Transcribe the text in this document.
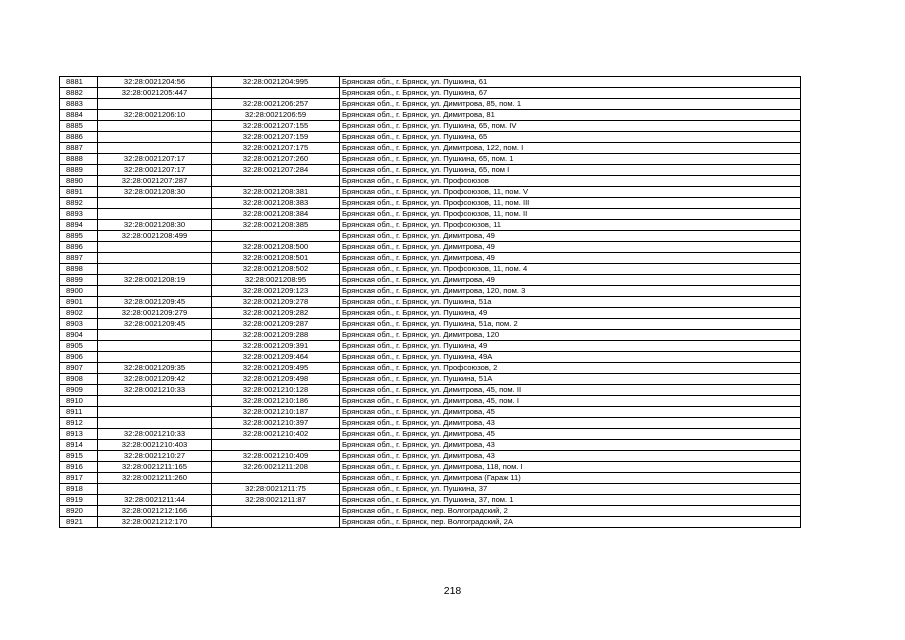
8881	32:28:0021204:56	32:28:0021204:995	Брянская обл., г. Брянск, ул. Пушкина, 61
8882	32:28:0021205:447		Брянская обл., г. Брянск, ул. Пушкина, 67
8883		32:28:0021206:257	Брянская обл., г. Брянск, ул. Димитрова, 85, пом. 1
8884	32:28:0021206:10	32:28:0021206:59	Брянская обл., г. Брянск, ул. Димитрова, 81
8885		32:28:0021207:155	Брянская обл., г. Брянск, ул. Пушкина, 65, пом. IV
8886		32:28:0021207:159	Брянская обл., г. Брянск, ул. Пушкина, 65
8887		32:28:0021207:175	Брянская обл., г. Брянск, ул. Димитрова, 122, пом. I
8888	32:28:0021207:17	32:28:0021207:260	Брянская обл., г. Брянск, ул. Пушкина, 65, пом. 1
8889	32:28:0021207:17	32:28:0021207:284	Брянская обл., г. Брянск, ул. Пушкина, 65, пом I
8890	32:28:0021207:287		Брянская обл., г. Брянск, ул. Профсоюзов
8891	32:28:0021208:30	32:28:0021208:381	Брянская обл., г. Брянск, ул. Профсоюзов, 11, пом. V
8892		32:28:0021208:383	Брянская обл., г. Брянск, ул. Профсоюзов, 11, пом. III
8893		32:28:0021208:384	Брянская обл., г. Брянск, ул. Профсоюзов, 11, пом. II
8894	32:28:0021208:30	32:28:0021208:385	Брянская обл., г. Брянск, ул. Профсоюзов, 11
8895	32:28:0021208:499		Брянская обл., г. Брянск, ул. Димитрова, 49
8896		32:28:0021208:500	Брянская обл., г. Брянск, ул. Димитрова, 49
8897		32:28:0021208:501	Брянская обл., г. Брянск, ул. Димитрова, 49
8898		32:28:0021208:502	Брянская обл., г. Брянск, ул. Профсоюзов, 11, пом. 4
8899	32:28:0021208:19	32:28:0021208:95	Брянская обл., г. Брянск, ул. Димитрова, 49
8900		32:28:0021209:123	Брянская обл., г. Брянск, ул. Димитрова, 120, пом. 3
8901	32:28:0021209:45	32:28:0021209:278	Брянская обл., г. Брянск, ул. Пушкина, 51а
8902	32:28:0021209:279	32:28:0021209:282	Брянская обл., г. Брянск, ул. Пушкина, 49
8903	32:28:0021209:45	32:28:0021209:287	Брянская обл., г. Брянск, ул. Пушкина, 51а, пом. 2
8904		32:28:0021209:288	Брянская обл., г. Брянск, ул. Димитрова, 120
8905		32:28:0021209:391	Брянская обл., г. Брянск, ул. Пушкина, 49
8906		32:28:0021209:464	Брянская обл., г. Брянск, ул. Пушкина, 49А
8907	32:28:0021209:35	32:28:0021209:495	Брянская обл., г. Брянск, ул. Профсоюзов, 2
8908	32:28:0021209:42	32:28:0021209:498	Брянская обл., г. Брянск, ул. Пушкина, 51А
8909	32:28:0021210:33	32:28:0021210:128	Брянская обл., г. Брянск, ул. Димитрова, 45, пом. II
8910		32:28:0021210:186	Брянская обл., г. Брянск, ул. Димитрова, 45, пом. I
8911		32:28:0021210:187	Брянская обл., г. Брянск, ул. Димитрова, 45
8912		32:28:0021210:397	Брянская обл., г. Брянск, ул. Димитрова, 43
8913	32:28:0021210:33	32:28:0021210:402	Брянская обл., г. Брянск, ул. Димитрова, 45
8914	32:28:0021210:403		Брянская обл., г. Брянск, ул. Димитрова, 43
8915	32:28:0021210:27	32:28:0021210:409	Брянская обл., г. Брянск, ул. Димитрова, 43
8916	32:28:0021211:165	32:26:0021211:208	Брянская обл., г. Брянск, ул. Димитрова, 118, пом. I
8917	32:28:0021211:260		Брянская обл., г. Брянск, ул. Димитрова (Гараж 11)
8918		32:28:0021211:75	Брянская обл., г. Брянск, ул. Пушкина, 37
8919	32:28:0021211:44	32:28:0021211:87	Брянская обл., г. Брянск, ул. Пушкина, 37, пом. 1
8920	32:28:0021212:166		Брянская обл., г. Брянск, пер. Волгоградский, 2
8921	32:28:0021212:170		Брянская обл., г. Брянск, пер. Волгоградский, 2А
218
